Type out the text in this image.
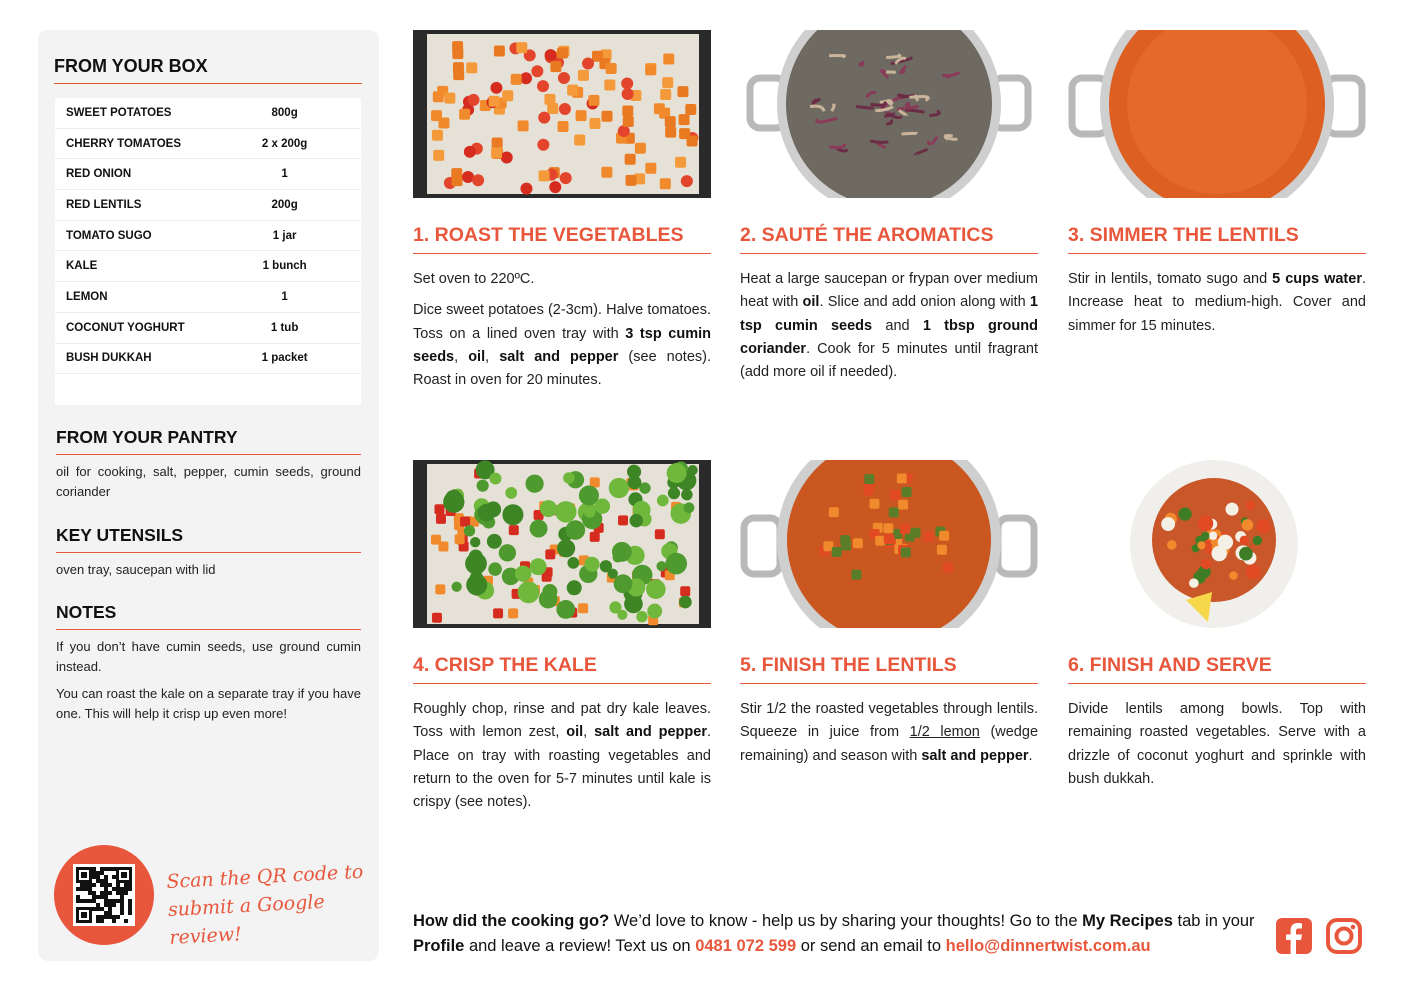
FROM YOUR BOX
SWEET POTATOES	800g
CHERRY TOMATOES	2 x 200g
RED ONION	1
RED LENTILS	200g
TOMATO SUGO	1 jar
KALE	1 bunch
LEMON	1
COCONUT YOGHURT	1 tub
BUSH DUKKAH	1 packet
FROM YOUR PANTRY
oil for cooking, salt, pepper, cumin seeds, ground coriander
KEY UTENSILS
oven tray, saucepan with lid
NOTES
If you don’t have cumin seeds, use ground cumin instead.
You can roast the kale on a separate tray if you have one. This will help it crisp up even more!
Scan the QR code to
submit a Google review!
1. ROAST THE VEGETABLES

Set oven to 220ºC.

Dice sweet potatoes (2-3cm). Halve tomatoes. Toss on a lined oven tray with 3 tsp cumin seeds, oil, salt and pepper (see notes). Roast in oven for 20 minutes.

2. SAUTÉ THE AROMATICS

Heat a large saucepan or frypan over medium heat with oil. Slice and add onion along with 1 tsp cumin seeds and 1 tbsp ground coriander. Cook for 5 minutes until fragrant (add more oil if needed).

3. SIMMER THE LENTILS

Stir in lentils, tomato sugo and 5 cups water. Increase heat to medium-high. Cover and simmer for 15 minutes.

4. CRISP THE KALE

Roughly chop, rinse and pat dry kale leaves. Toss with lemon zest, oil, salt and pepper. Place on tray with roasting vegetables and return to the oven for 5-7 minutes until kale is crispy (see notes).

5. FINISH THE LENTILS

Stir 1/2 the roasted vegetables through lentils. Squeeze in juice from 1/2 lemon (wedge remaining) and season with salt and pepper.

6. FINISH AND SERVE

Divide lentils among bowls. Top with remaining roasted vegetables. Serve with a drizzle of coconut yoghurt and sprinkle with bush dukkah.

How did the cooking go? We’d love to know - help us by sharing your thoughts! Go to the My Recipes tab in your Profile and leave a review! Text us on 0481 072 599 or send an email to hello@dinnertwist.com.au
